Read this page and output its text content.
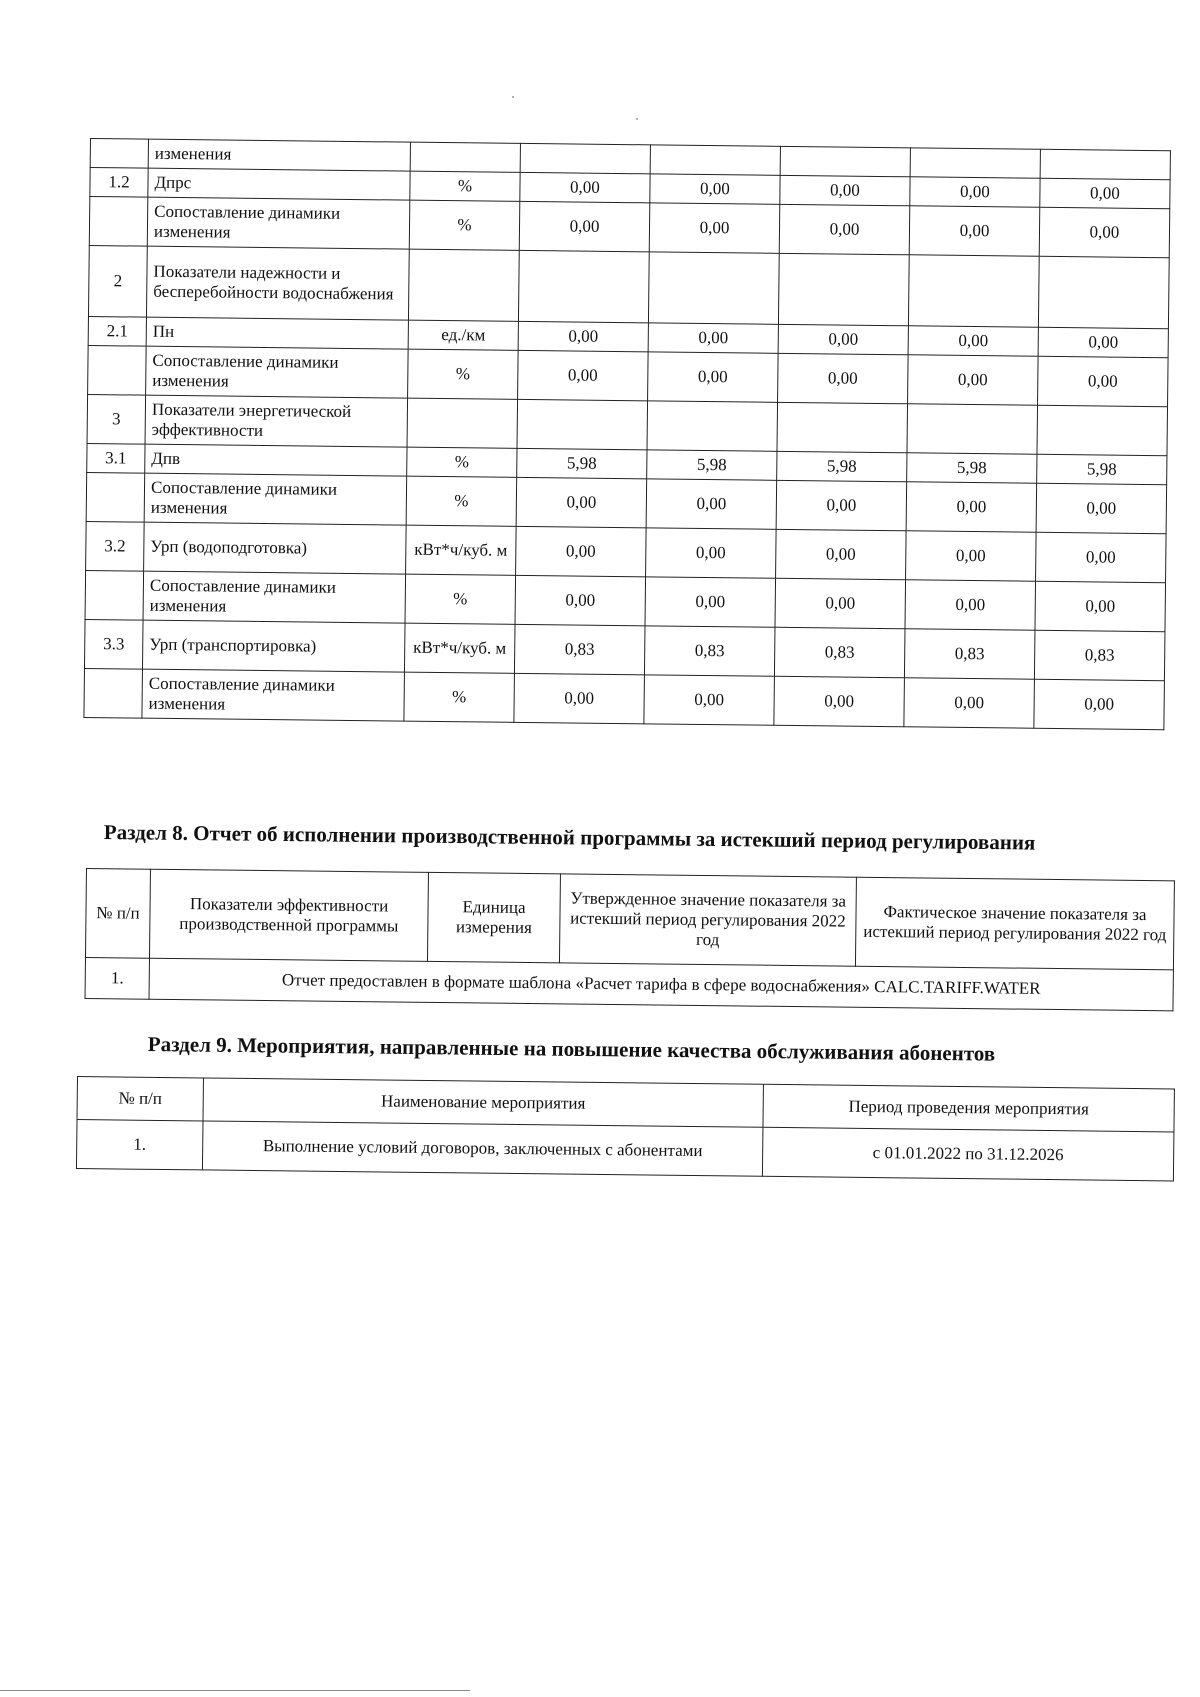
	изменения						
1.2	Дпрс	%	0,00	0,00	0,00	0,00	0,00
	Сопоставление динамики изменения	%	0,00	0,00	0,00	0,00	0,00
2	Показатели надежности и бесперебойности водоснабжения						
2.1	Пн	ед./км	0,00	0,00	0,00	0,00	0,00
	Сопоставление динамики изменения	%	0,00	0,00	0,00	0,00	0,00
3	Показатели энергетической эффективности						
3.1	Дпв	%	5,98	5,98	5,98	5,98	5,98
	Сопоставление динамики изменения	%	0,00	0,00	0,00	0,00	0,00
3.2	Урп (водоподготовка)	кВт*ч/куб. м	0,00	0,00	0,00	0,00	0,00
	Сопоставление динамики изменения	%	0,00	0,00	0,00	0,00	0,00
3.3	Урп (транспортировка)	кВт*ч/куб. м	0,83	0,83	0,83	0,83	0,83
	Сопоставление динамики изменения	%	0,00	0,00	0,00	0,00	0,00
Раздел 8. Отчет об исполнении производственной программы за истекший период регулирования
№ п/п	Показатели эффективности производственной программы	Единица измерения	Утвержденное значение показателя за истекший период регулирования 2022 год	Фактическое значение показателя за истекший период регулирования 2022 год
1.	Отчет предоставлен в формате шаблона «Расчет тарифа в сфере водоснабжения» CALC.TARIFF.WATER			
Раздел 9. Мероприятия, направленные на повышение качества обслуживания абонентов
№ п/п	Наименование мероприятия	Период проведения мероприятия
1.	Выполнение условий договоров, заключенных с абонентами	с 01.01.2022 по 31.12.2026
